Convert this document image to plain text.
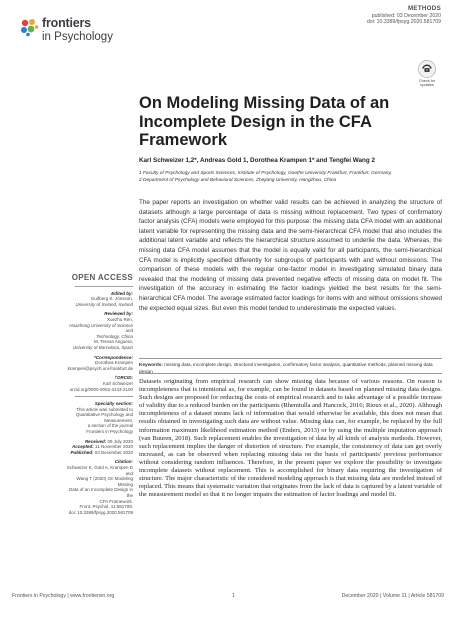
frontiers
in Psychology
METHODS
published: 03 December 2020
doi: 10.3389/fpsyg.2020.581709
Check for updates
On Modeling Missing Data of an Incomplete Design in the CFA Framework
Karl Schweizer 1,2*, Andreas Gold 1, Dorothea Krampen 1* and Tengfei Wang 2
1 Faculty of Psychology and Sports Sciences, Institute of Psychology, Goethe University Frankfurt, Frankfurt, Germany,
2 Department of Psychology and Behavioral Sciences, Zhejiang University, Hangzhou, China
The paper reports an investigation on whether valid results can be achieved in analyzing the structure of datasets although a large percentage of data is missing without replacement. Two types of confirmatory factor analysis (CFA) models were employed for this purpose: the missing data CFA model with an additional latent variable for representing the missing data and the semi-hierarchical CFA model that also includes the additional latent variable and reflects the hierarchical structure assumed to underlie the data. Whereas, the missing data CFA model assumes that the model is equally valid for all participants, the semi-hierarchical CFA model is implicitly specified differently for subgroups of participants with and without omissions. The comparison of these models with the regular one-factor model in investigating simulated binary data revealed that the modeling of missing data prevented negative effects of missing data on model fit. The investigation of the accuracy in estimating the factor loadings yielded the best results for the semi-hierarchical CFA model. The average estimated factor loadings for items with and without omissions showed the expected equal sizes. But even this model tended to underestimate the expected values.
Keywords: missing data, incomplete design, structural investigation, confirmatory factor analysis, quantitative methods, planned missing data design
OPEN ACCESS
Edited by:
Guðberg K. Jónsson,
University of Iceland, Iceland
Reviewed by:
Xuezhu Ren,
Huazhong University of Science and
Technology, China
M. Teresa Anguera,
University of Barcelona, Spain
*Correspondence:
Dorothea Krampen
krampen@psych.uni-frankfurt.de
†ORCID:
Karl Schweizer
orcid.org/0000-0002-3143-2100
Specialty section:
This article was submitted to
Quantitative Psychology and
Measurement,
a section of the journal
Frontiers in Psychology
Received: 09 July 2020
Accepted: 11 November 2020
Published: 03 December 2020
Citation:
Schweizer K, Gold A, Krampen D and
Wang T (2020) On Modeling Missing
Data of an Incomplete Design in the
CFA Framework.
Front. Psychol. 11:581709.
doi: 10.3389/fpsyg.2020.581709

Datasets originating from empirical research can show missing data because of various reasons. On reason is incompleteness that is intentional as, for example, can be found in datasets based on planned missing data designs. Such designs are proposed for reducing the costs of empirical research and to take advantage of a possible increase of validity due to a reduced burden on the participants (Rhemtulla and Hancock, 2016; Rioux et al., 2020). Although incompleteness of a dataset means lack of information that would otherwise be available, this does not mean that results obtained in investigating such data are without value. Missing data can, for example, be replaced by the full information maximum likelihood estimation method (Enders, 2013) or by using the multiple imputation approach (van Buuren, 2018). Such replacement enables the investigation of data by all kinds of analysis methods. However, such replacement implies the danger of distortion of structure. For example, the consistency of data can get overly increased, as can be observed when replacing missing data on the basis of participants' previous performance without considering random influences. Therefore, in the present paper we explore the possibility to investigate incomplete datasets without replacement. This is accomplished for binary data requiring the investigation of structure. The major characteristic of the considered modeling approach is that missing data are modeled instead of replaced. This means that systematic variation that originates from the lack of data is captured by a latent variable of the measurement model so that it no longer impairs the estimation of factor loadings and model fit.

Frontiers in Psychology | www.frontiersin.org	1	December 2020 | Volume 11 | Article 581709
